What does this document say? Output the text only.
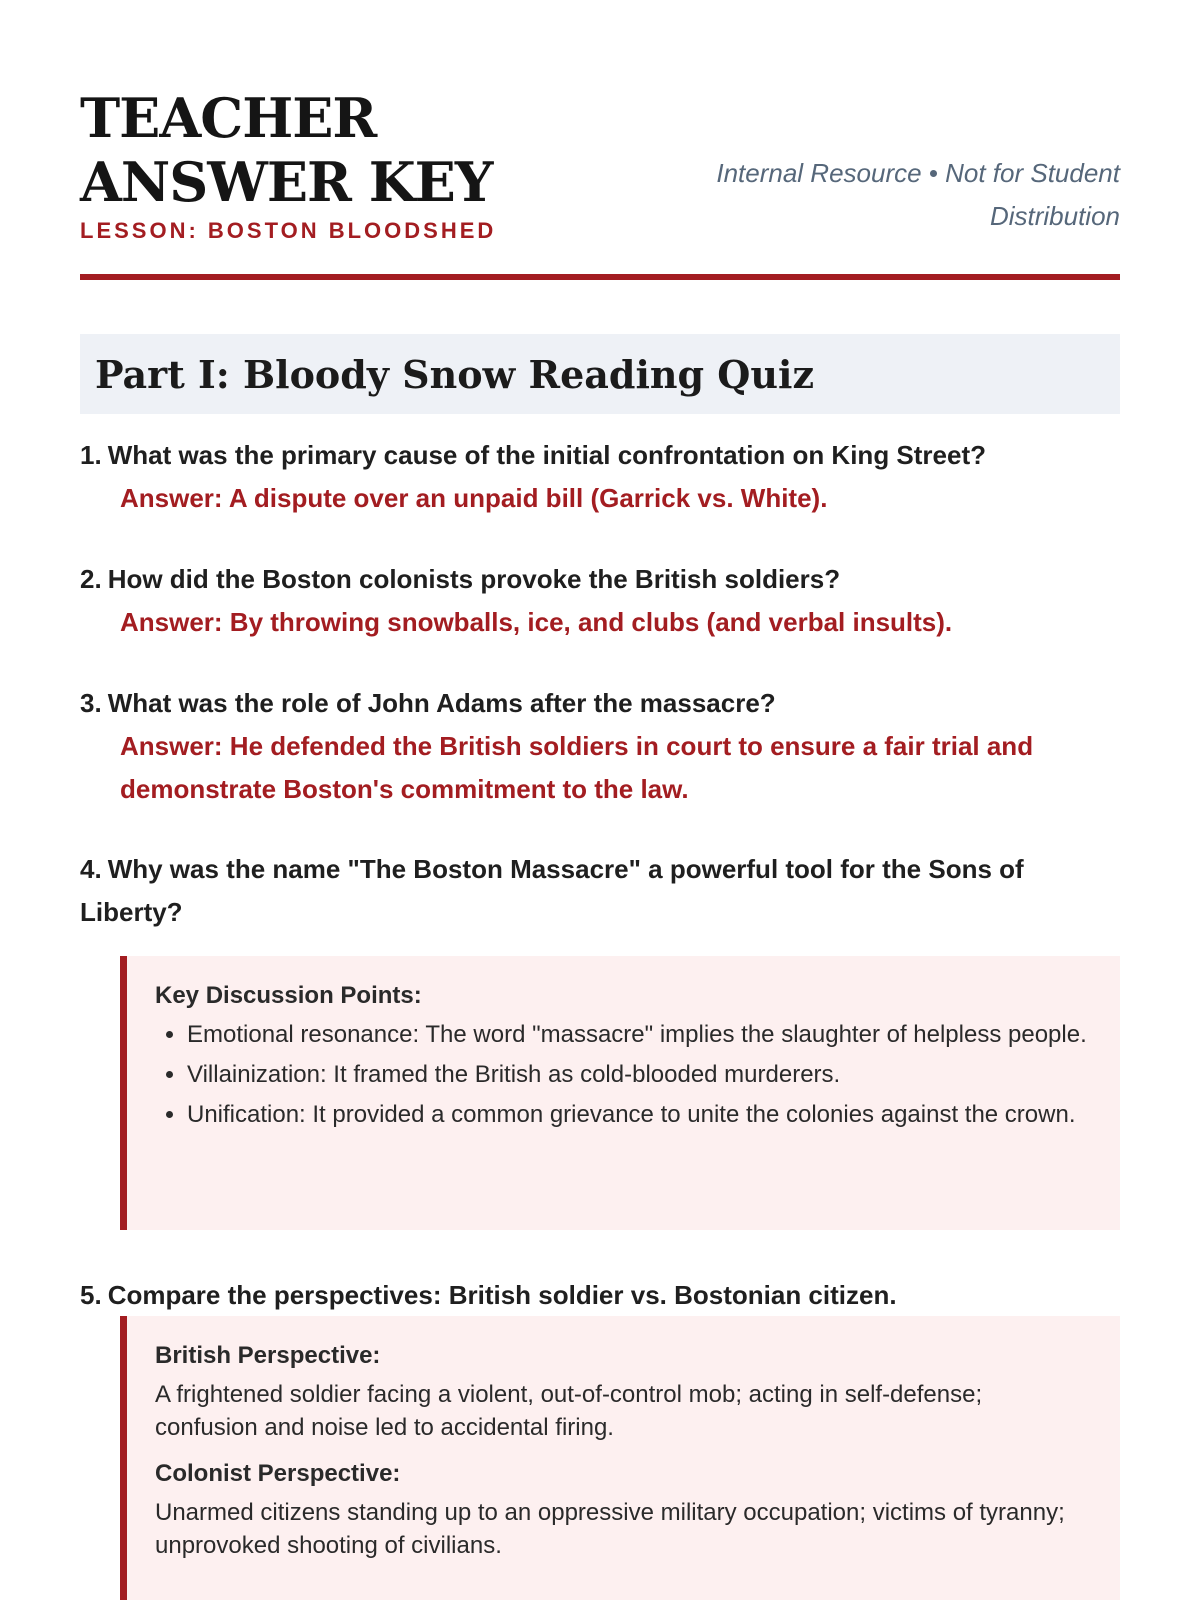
TEACHER
ANSWER KEY
LESSON: BOSTON BLOODSHED
Internal Resource • Not for Student Distribution
Part I: Bloody Snow Reading Quiz
1. What was the primary cause of the initial confrontation on King Street?
Answer: A dispute over an unpaid bill (Garrick vs. White).
2. How did the Boston colonists provoke the British soldiers?
Answer: By throwing snowballs, ice, and clubs (and verbal insults).
3. What was the role of John Adams after the massacre?
Answer: He defended the British soldiers in court to ensure a fair trial and demonstrate Boston's commitment to the law.
4. Why was the name "The Boston Massacre" a powerful tool for the Sons of Liberty?
Key Discussion Points:
• Emotional resonance: The word "massacre" implies the slaughter of helpless people.
• Villainization: It framed the British as cold-blooded murderers.
• Unification: It provided a common grievance to unite the colonies against the crown.
5. Compare the perspectives: British soldier vs. Bostonian citizen.
British Perspective:

A frightened soldier facing a violent, out-of-control mob; acting in self-defense; confusion and noise led to accidental firing.

Colonist Perspective:

Unarmed citizens standing up to an oppressive military occupation; victims of tyranny; unprovoked shooting of civilians.
